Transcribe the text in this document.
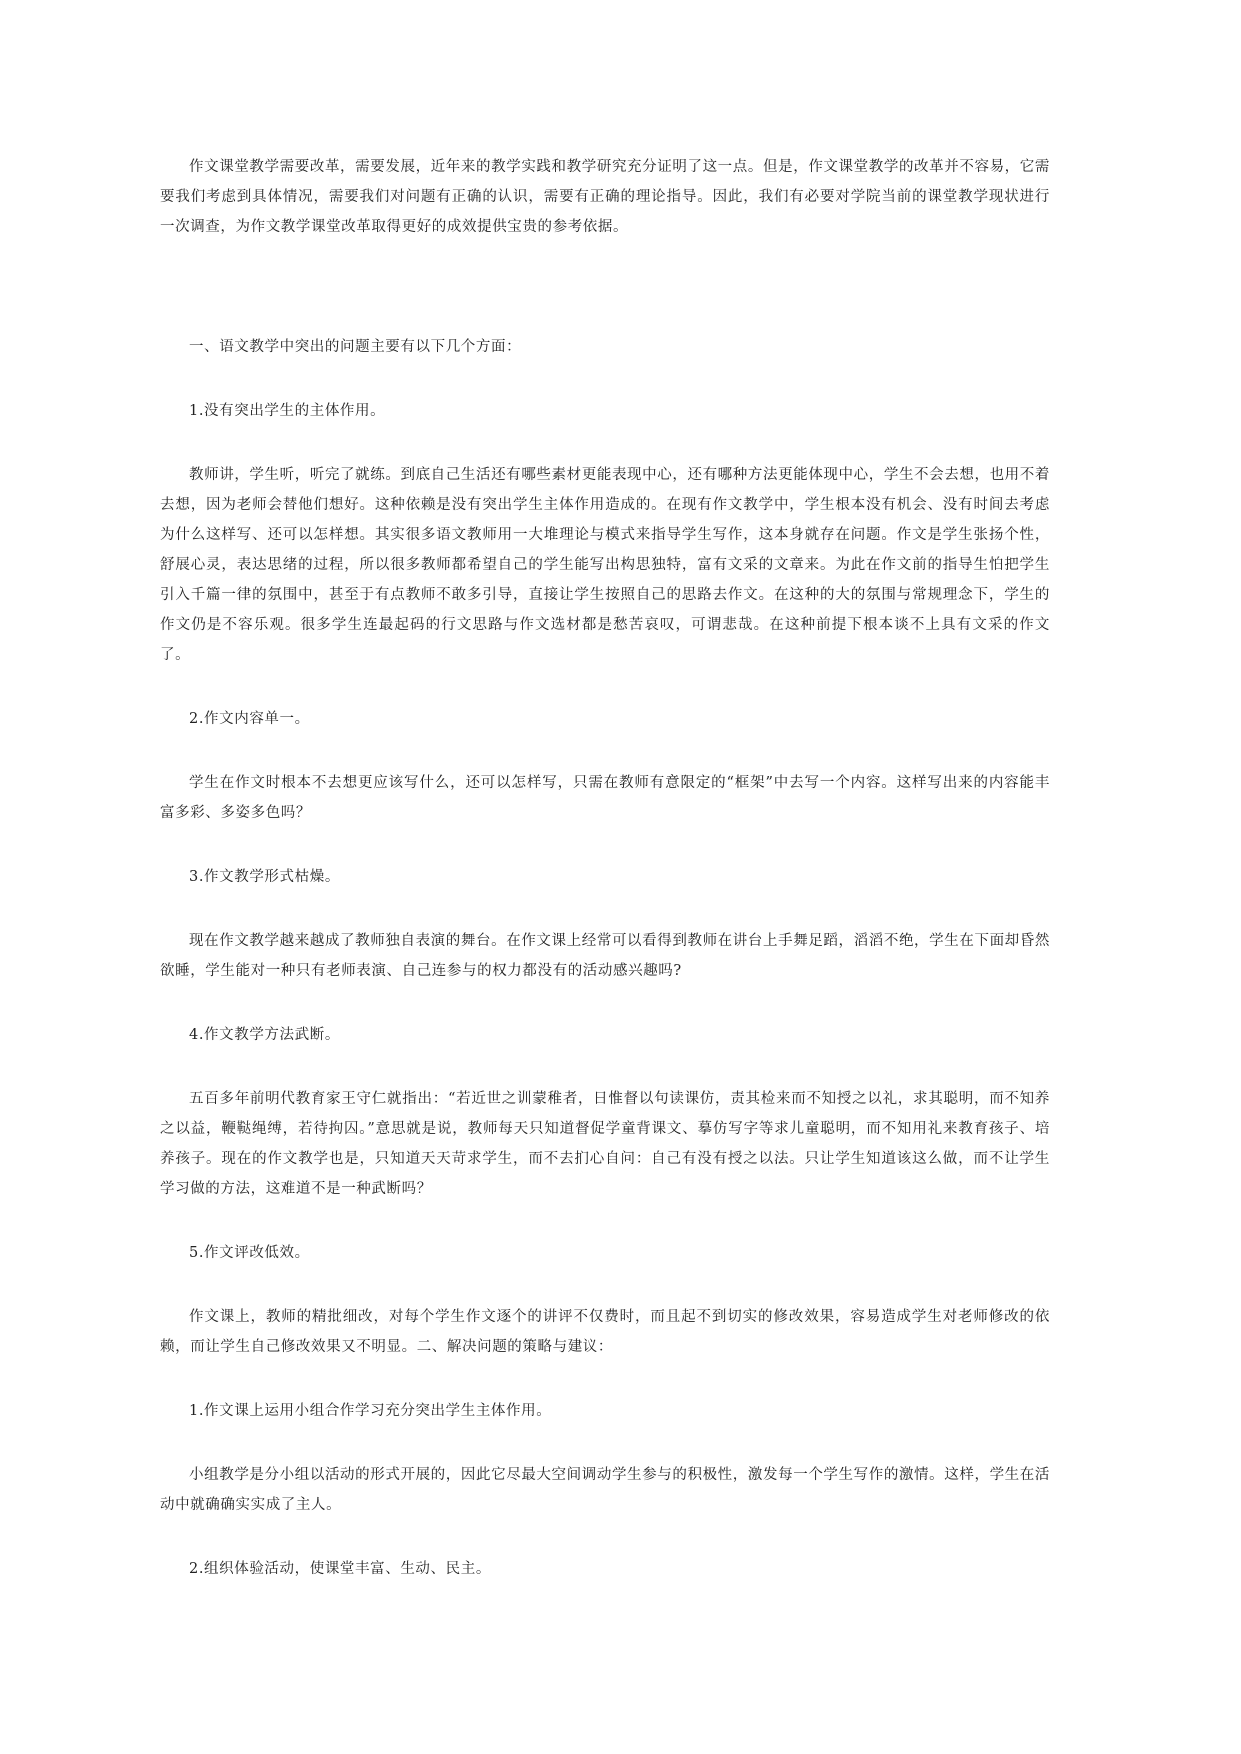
作文课堂教学需要改革，需要发展，近年来的教学实践和教学研究充分证明了这一点。但是，作文课堂教学的改革并不容易，它需要我们考虑到具体情况，需要我们对问题有正确的认识，需要有正确的理论指导。因此，我们有必要对学院当前的课堂教学现状进行一次调查，为作文教学课堂改革取得更好的成效提供宝贵的参考依据。

一、语文教学中突出的问题主要有以下几个方面：

1.没有突出学生的主体作用。

教师讲，学生听，听完了就练。到底自己生活还有哪些素材更能表现中心，还有哪种方法更能体现中心，学生不会去想，也用不着去想，因为老师会替他们想好。这种依赖是没有突出学生主体作用造成的。在现有作文教学中，学生根本没有机会、没有时间去考虑为什么这样写、还可以怎样想。其实很多语文教师用一大堆理论与模式来指导学生写作，这本身就存在问题。作文是学生张扬个性，舒展心灵，表达思绪的过程，所以很多教师都希望自己的学生能写出构思独特，富有文采的文章来。为此在作文前的指导生怕把学生引入千篇一律的氛围中，甚至于有点教师不敢多引导，直接让学生按照自己的思路去作文。在这种的大的氛围与常规理念下，学生的作文仍是不容乐观。很多学生连最起码的行文思路与作文选材都是愁苦哀叹，可谓悲哉。在这种前提下根本谈不上具有文采的作文了。

2.作文内容单一。

学生在作文时根本不去想更应该写什么，还可以怎样写，只需在教师有意限定的“框架”中去写一个内容。这样写出来的内容能丰富多彩、多姿多色吗？

3.作文教学形式枯燥。

现在作文教学越来越成了教师独自表演的舞台。在作文课上经常可以看得到教师在讲台上手舞足蹈，滔滔不绝，学生在下面却昏然欲睡，学生能对一种只有老师表演、自己连参与的权力都没有的活动感兴趣吗?

4.作文教学方法武断。

五百多年前明代教育家王守仁就指出：“若近世之训蒙稚者，日惟督以句读课仿，责其检来而不知授之以礼，求其聪明，而不知养之以益，鞭鞑绳缚，若待拘囚。”意思就是说，教师每天只知道督促学童背课文、摹仿写字等求儿童聪明，而不知用礼来教育孩子、培养孩子。现在的作文教学也是，只知道天天苛求学生，而不去扪心自问：自己有没有授之以法。只让学生知道该这么做，而不让学生学习做的方法，这难道不是一种武断吗？

5.作文评改低效。

作文课上，教师的精批细改，对每个学生作文逐个的讲评不仅费时，而且起不到切实的修改效果，容易造成学生对老师修改的依赖，而让学生自己修改效果又不明显。二、解决问题的策略与建议：

1.作文课上运用小组合作学习充分突出学生主体作用。

小组教学是分小组以活动的形式开展的，因此它尽最大空间调动学生参与的积极性，激发每一个学生写作的激情。这样，学生在活动中就确确实实成了主人。

2.组织体验活动，使课堂丰富、生动、民主。
